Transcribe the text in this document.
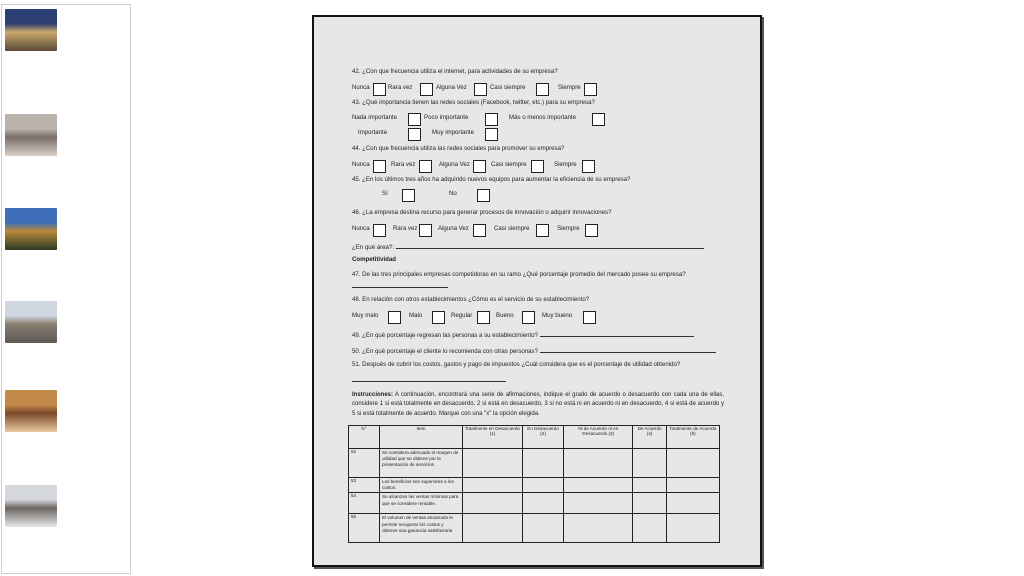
42. ¿Con que frecuencia utiliza el internet, para actividades de su empresa?
Nunca	Rara vez	Alguna Vez	Casi siempre	Siempre
43. ¿Qué importancia tienen las redes sociales (Facebook, twitter, etc.) para su empresa?
Nada importante	Poco importante	Más o menos importante
Importante	Muy importante
44. ¿Con que frecuencia utiliza las redes sociales para promover su empresa?
Nunca	Rara vez	Alguna Vez	Casi siempre	Siempre
45. ¿En los últimos tres años ha adquirido nuevos equipos para aumentar la eficiencia de su empresa?
Sí	No
46. ¿La empresa destina recurso para generar procesos de innovación o adquirir innovaciones?
Nunca	Rara vez	Alguna Vez	Casi siempre	Siempre
¿En qué área?:
Competitividad
47. De las tres principales empresas competidoras en su ramo ¿Qué porcentaje promedio del mercado posee su empresa?
48. En relación con otros establecimientos ¿Cómo es el servicio de su establecimiento?
Muy malo	Malo	Regular	Bueno	Muy bueno
49. ¿En qué porcentaje regresan las personas a su establecimiento?
50. ¿En qué porcentaje el cliente lo recomienda con otras personas?
51. Después de cubrir los costos, gastos y pago de impuestos ¿Cuál considera que es el porcentaje de utilidad obtenido?
Instrucciones: A continuación, encontrará una serie de afirmaciones, indique el grado de acuerdo o desacuerdo con cada una de ellas, considere 1 si está totalmente en desacuerdo, 2 si está en desacuerdo, 3 si no está ni en acuerdo ni en desacuerdo, 4 si está de acuerdo y 5 si está totalmente de acuerdo. Marque con una "x" la opción elegida.
N°	Item	Totalmente en Desacuerdo (1)	En Desacuerdo (2)	Ni de Acuerdo ni en Desacuerdo (3)	De Acuerdo (4)	Totalmente de Acuerdo (5)
52	Se considera adecuado el margen de utilidad que se obtiene por la presentación de servicios.					
53	Los beneficios son superiores a los costos.					
54	Se alcanzan las ventas mínimas para que se considere rentable.					
55	El volumen de ventas alcanzado le permite recuperar los costos y obtener una ganancia satisfactoria					
